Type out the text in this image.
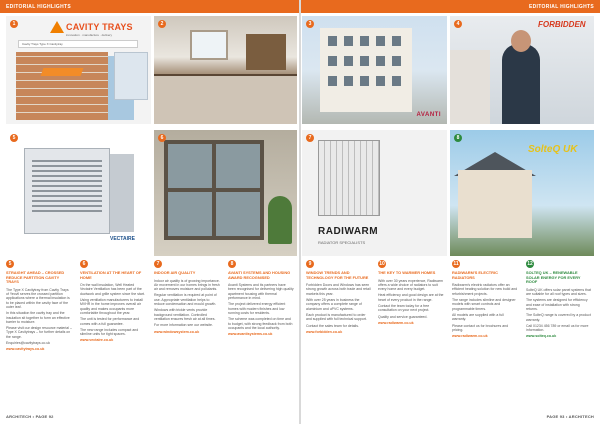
EDITORIAL HIGHLIGHTS	EDITORIAL HIGHLIGHTS
CAVITY TRAYS
innovation · manufacture · delivery
Cavity Trays Type X Cavitytray
1	2
AVANTI
3	FORBIDDEN
4
VECTAIRE
5	6
RADIWARM
RADIATOR SPECIALISTS
7
SolteQ UK
8
5
STRAIGHT AHEAD – CROSSED REDUCE PARTITION CAVITY TRAYS
The Type X Cavitytray from Cavity Trays of Yeovil serves the crossed partition applications where a thermal insulation is to be placed within the cavity face of the outer leaf.
In this situation the cavity tray and the insulation sit together to form an effective barrier to moisture.
Please visit our design resource material – Type X Cavitytrays – for further details on the range.
Enquiries@cavitytrays.co.uk
www.cavitytrays.co.uk
6
VENTILATION AT THE HEART OF HOME
On the wall insulation, Well Heated Vectaire Ventilation has been part of the ductwork and grille system since the start.
Using ventilation manufacturers to install MVHR in the home improves overall air quality and makes occupants more comfortable throughout the year.
The unit is tested for performance and comes with a full guarantee.
The new range includes compact and slimline units for tight spaces.
www.vectaire.co.uk
7
INDOOR AIR QUALITY
Indoor air quality is of growing importance. Air movement in our homes brings in fresh air and removes moisture and pollutants.
Regular ventilation is required at point of use. Appropriate ventilation helps to reduce condensation and mould growth.
Windows with trickle vents provide background ventilation. Controlled ventilation ensures fresh air at all times.
For more information see our website.
www.windowsystem.co.uk
8
AVANTI SYSTEMS AND HOUSING AWARD RECOGNISED
Avanti Systems and its partners have been recognised for delivering high quality apartment housing with thermal performance in mind.
The project delivered energy efficient homes with modern finishes and low running costs for residents.
The scheme was completed on time and to budget, with strong feedback from both occupants and the local authority.
www.avantisystems.co.uk
9
WINDOW TRENDS AND TECHNOLOGY FOR THE FUTURE
Forbidden Doors and Windows has seen strong growth across both trade and retail markets this year.
With over 25 years in business the company offers a complete range of aluminium and uPVC systems.
Each product is manufactured to order and supplied with full technical support.
Contact the sales team for details.
www.forbidden.co.uk
10
THE KEY TO WARMER HOMES
With over 30 years experience, Radiwarm offers a wide choice of radiators to suit every home and every budget.
Heat efficiency and good design are at the heart of every product in the range.
Contact the team today for a free consultation on your next project.
Quality and service guaranteed.
www.radiwarm.co.uk
11
RADIWARM'S ELECTRIC RADIATORS
Radiwarm's electric radiators offer an efficient heating solution for new build and refurbishment projects.
The range includes slimline and designer models with smart controls and programmable timers.
All models are supplied with a full warranty.
Please contact us for brochures and pricing.
www.radiwarm.co.uk
12
SOLTEQ UK – RENEWABLE SOLAR ENERGY FOR EVERY ROOF
SolteQ UK offers solar panel systems that are suitable for all roof types and sizes.
The systems are designed for efficiency and ease of installation with strong returns.
The SolteQ range is covered by a product warranty.
Call 01234 456 789 or email us for more information.
www.solteq.co.uk
ARCHITECH • PAGE 92	PAGE 93 • ARCHITECH
